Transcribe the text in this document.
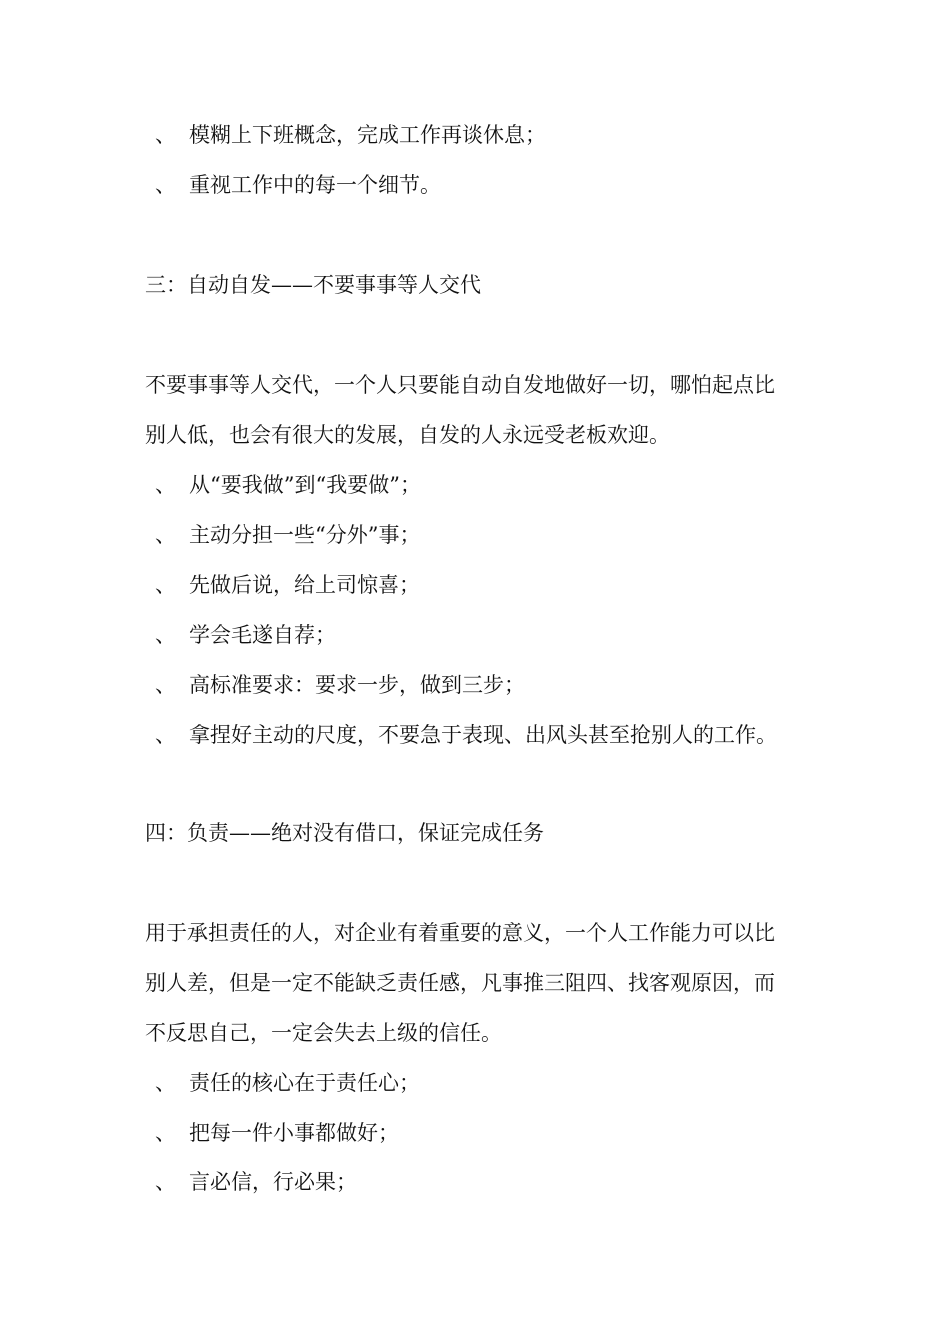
、 模糊上下班概念，完成工作再谈休息；
、 重视工作中的每一个细节。
三：自动自发——不要事事等人交代
不要事事等人交代，一个人只要能自动自发地做好一切，哪怕起点比
别人低，也会有很大的发展，自发的人永远受老板欢迎。
、 从“要我做”到“我要做”；
、 主动分担一些“分外”事；
、 先做后说，给上司惊喜；
、 学会毛遂自荐；
、 高标准要求：要求一步，做到三步；
、 拿捏好主动的尺度，不要急于表现、出风头甚至抢别人的工作。
四：负责——绝对没有借口，保证完成任务
用于承担责任的人，对企业有着重要的意义，一个人工作能力可以比
别人差，但是一定不能缺乏责任感，凡事推三阻四、找客观原因，而
不反思自己，一定会失去上级的信任。
、 责任的核心在于责任心；
、 把每一件小事都做好；
、 言必信，行必果；
